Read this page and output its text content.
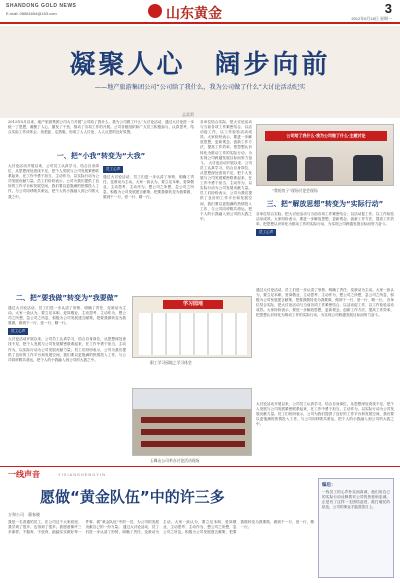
SHANDONG GOLD NEWS
E-mail: 08581654@163.com	山东黄金	3
2012年6月18日 星期一
凝聚人心　阔步向前
——地产旅游集团公司“公司给了我什么，我为公司做了什么”大讨论活动纪实
孟爱莉
2012年5月以来，地产旅游集团公司大力开展“公司给了我什么，我为公司做了什么”大讨论活动，通过大讨论进一步统一了思想，凝聚了人心，激发了干劲，推动了各项工作的开展。公司各级组织和广大员工积极参与，认真思考，结合实际工作谈体会、找差距、定措施，形成了人人讨论、人人反思的良好氛围。
一、把“小我”转变为“大我”
大讨论活动开展以来，公司员工认真学习，结合自身岗位，从思想深处查找不足，把个人发展与公司发展紧密联系起来，在工作中勇于担当，主动作为，以实际行动为公司发展贡献力量。员工们纷纷表示，公司为我们提供了良好的工作平台和发展空间，我们要以更饱满的热情投入工作，与公司同呼吸共命运，把个人的小我融入到公司的大我之中。
员工心声
通过大讨论活动，员工们进一步认清了形势，明确了责任，变被动为主动。大家一致认为，要立足本职、爱岗敬业，主动思考、主动作为，想公司之所想，急公司之所急，积极为公司发展建言献策，把要我做转变为我要做，做到干一行、爱一行、精一行。
二、把“要我做”转变为“我要做”
通过大讨论活动，员工们进一步认清了形势，明确了责任，变被动为主动。大家一致认为，要立足本职、爱岗敬业，主动思考、主动作为，想公司之所想，急公司之所急，积极为公司发展建言献策，把要我做转变为我要做，做到干一行、爱一行、精一行。
员工心声
大讨论活动开展以来，公司员工认真学习，结合自身岗位，从思想深处查找不足，把个人发展与公司发展紧密联系起来，在工作中勇于担当，主动作为，以实际行动为公司发展贡献力量。员工们纷纷表示，公司为我们提供了良好的工作平台和发展空间，我们要以更饱满的热情投入工作，与公司同呼吸共命运，把个人的小我融入到公司的大我之中。
各单位结合实际，把大讨论活动与当前各项工作紧密结合，以活动促工作，以工作检验活动成效。大家纷纷表示，要进一步解放思想，更新观念，创新工作方法，提高工作效率，把思想认识转化为推动工作的实际行动，为实现公司跨越发展目标而努力奋斗。 大讨论活动开展以来，公司员工认真学习，结合自身岗位，从思想深处查找不足，把个人发展与公司发展紧密联系起来，在工作中勇于担当，主动作为，以实际行动为公司发展贡献力量。员工们纷纷表示，公司为我们提供了良好的工作平台和发展空间，我们要以更饱满的热情投入工作，与公司同呼吸共命运，把个人的小我融入到公司的大我之中。
公司给了我什么·我为公司做了什么·主题讨论
“我的房子”现场讨论会现场
三、把“解放思想”转变为“实际行动”
各单位结合实际，把大讨论活动与当前各项工作紧密结合，以活动促工作，以工作检验活动成效。大家纷纷表示，要进一步解放思想，更新观念，创新工作方法，提高工作效率，把思想认识转化为推动工作的实际行动，为实现公司跨越发展目标而努力奋斗。
员工心声
学习园地
职工学习园地之学习体会
通过大讨论活动，员工们进一步认清了形势，明确了责任，变被动为主动。大家一致认为，要立足本职、爱岗敬业，主动思考、主动作为，想公司之所想，急公司之所急，积极为公司发展建言献策，把要我做转变为我要做，做到干一行、爱一行、精一行。 各单位结合实际，把大讨论活动与当前各项工作紧密结合，以活动促工作，以工作检验活动成效。大家纷纷表示，要进一步解放思想，更新观念，创新工作方法，提高工作效率，把思想认识转化为推动工作的实际行动，为实现公司跨越发展目标而努力奋斗。
玉峰山公司举办讨论活动现场
大讨论活动开展以来，公司员工认真学习，结合自身岗位，从思想深处查找不足，把个人发展与公司发展紧密联系起来，在工作中勇于担当，主动作为，以实际行动为公司发展贡献力量。员工们纷纷表示，公司为我们提供了良好的工作平台和发展空间，我们要以更饱满的热情投入工作，与公司同呼吸共命运，把个人的小我融入到公司的大我之中。
一线声音	YIXIANSHENGYIN
愿做“黄金队伍”中的许三多
万和公司　冀春晓
我是一名普通的员工，在公司这个大家庭里，我学到了很多，也得到了很多。我愿意像许三多那样，不抛弃、不放弃，踏踏实实做好每一件事，做“黄金队伍”中的一员，为公司的发展贡献自己的一份力量。 通过大讨论活动，员工们进一步认清了形势，明确了责任，变被动为主动。大家一致认为，要立足本职、爱岗敬业，主动思考、主动作为，想公司之所想，急公司之所急，积极为公司发展建言献策，把要我做转变为我要做，做到干一行、爱一行、精一行。
编后：
一线员工的心声朴实而真诚，他们用自己的实际行动诠释着对公司的热爱和忠诚。正是有了这样一支团结奋进、敢打硬仗的队伍，公司的事业才能蒸蒸日上。
